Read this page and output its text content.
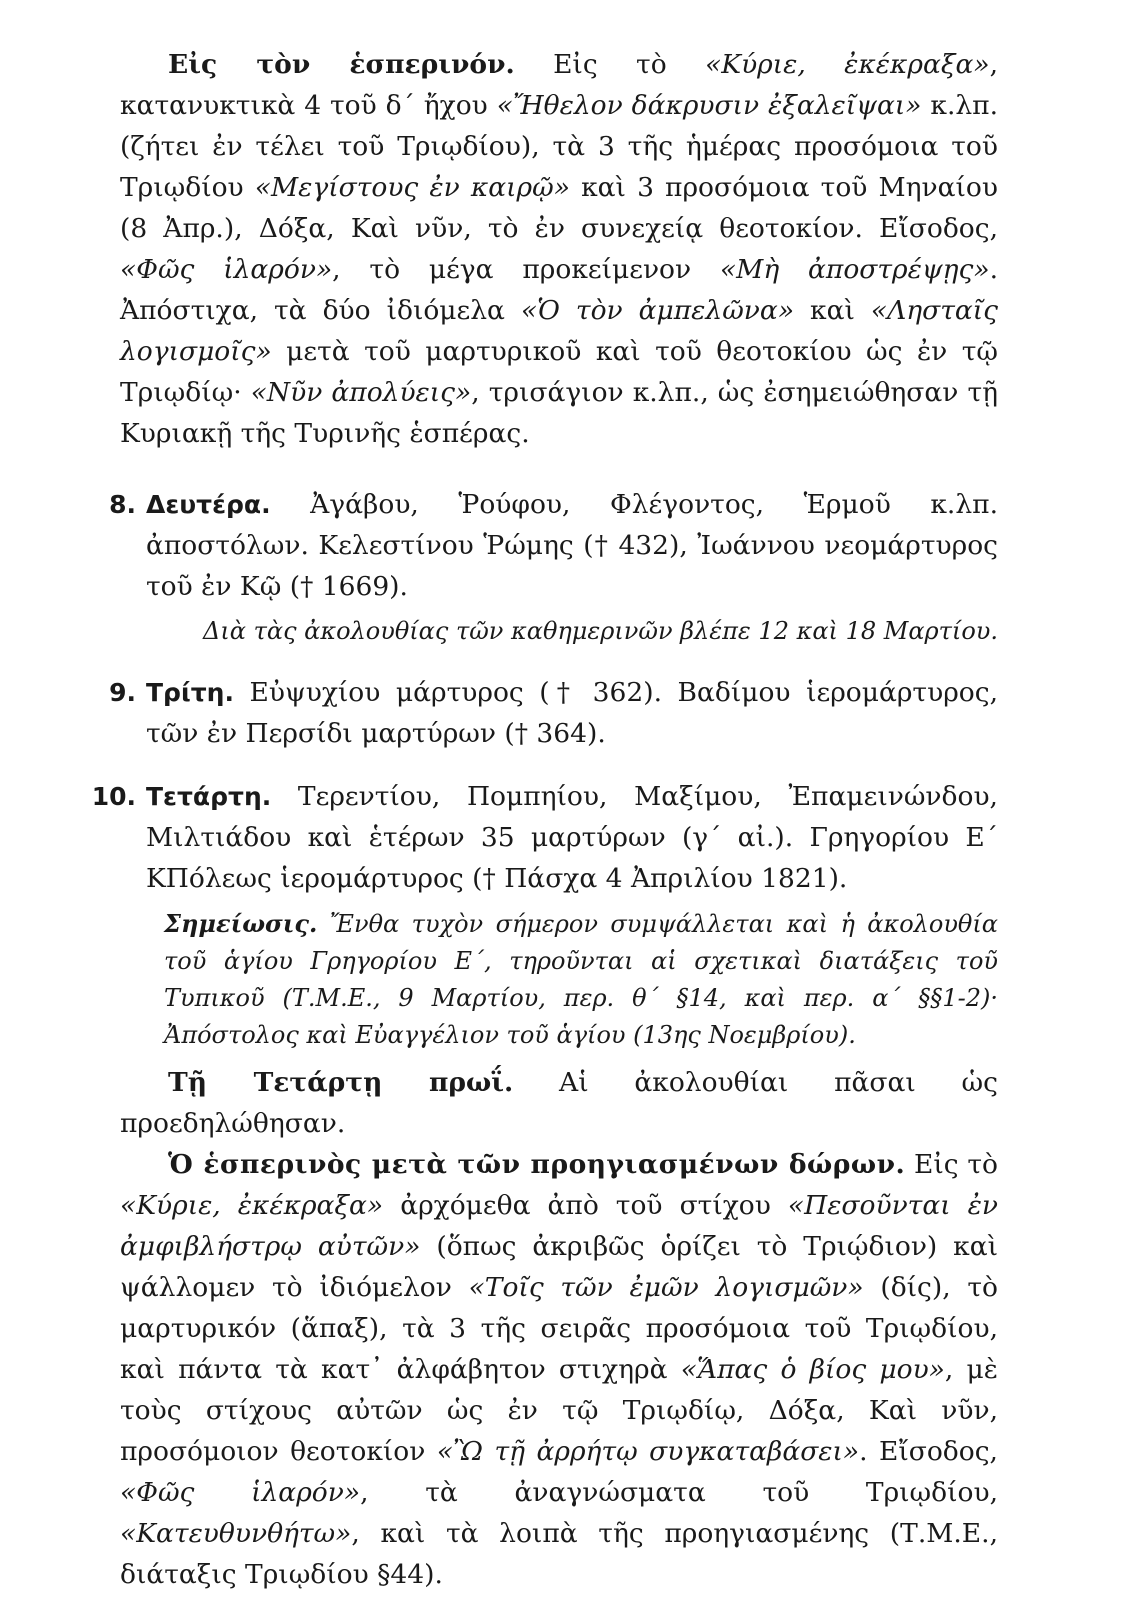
Εἰς τὸν ἑσπερινόν. Εἰς τὸ «Κύριε, ἐκέκραξα», κατανυκτικὰ 4 τοῦ δ΄ ἤχου «Ἤθελον δάκρυσιν ἐξαλεῖψαι» κ.λπ. (ζήτει ἐν τέλει τοῦ Τριῳδίου), τὰ 3 τῆς ἡμέρας προσόμοια τοῦ Τριῳδίου «Μεγίστους ἐν καιρῷ» καὶ 3 προσόμοια τοῦ Μηναίου (8 Ἀπρ.), Δόξα, Καὶ νῦν, τὸ ἐν συνεχείᾳ θεοτοκίον. Εἴσοδος, «Φῶς ἱλαρόν», τὸ μέγα προκείμενον «Μὴ ἀποστρέψῃς». Ἀπόστιχα, τὰ δύο ἰδιόμελα «Ὁ τὸν ἀμπελῶνα» καὶ «Λησταῖς λογισμοῖς» μετὰ τοῦ μαρτυρικοῦ καὶ τοῦ θεοτοκίου ὡς ἐν τῷ Τριῳδίῳ· «Νῦν ἀπολύεις», τρισάγιον κ.λπ., ὡς ἐσημειώθησαν τῇ Κυριακῇ τῆς Τυρινῆς ἑσπέρας.

8. Δευτέρα. Ἀγάβου, Ῥούφου, Φλέγοντος, Ἑρμοῦ κ.λπ. ἀποστόλων. Κελεστίνου Ῥώμης († 432), Ἰωάννου νεομάρτυρος τοῦ ἐν Κῷ († 1669).
Διὰ τὰς ἀκολουθίας τῶν καθημερινῶν βλέπε 12 καὶ 18 Μαρτίου.
9. Τρίτη. Εὐψυχίου μάρτυρος († 362). Βαδίμου ἱερομάρτυρος, τῶν ἐν Περσίδι μαρτύρων († 364).
10. Τετάρτη. Τερεντίου, Πομπηίου, Μαξίμου, Ἐπαμεινώνδου, Μιλτιάδου καὶ ἑτέρων 35 μαρτύρων (γ΄ αἰ.). Γρηγορίου Ε΄ ΚΠόλεως ἱερομάρτυρος († Πάσχα 4 Ἀπριλίου 1821).
Σημείωσις. Ἔνθα τυχὸν σήμερον συμψάλλεται καὶ ἡ ἀκολουθία τοῦ ἁγίου Γρηγορίου Ε΄, τηροῦνται αἱ σχετικαὶ διατάξεις τοῦ Τυπικοῦ (Τ.Μ.Ε., 9 Μαρτίου, περ. θ΄ §14, καὶ περ. α΄ §§1-2)· Ἀπόστολος καὶ Εὐαγγέλιον τοῦ ἁγίου (13ης Νοεμβρίου).

Τῇ Τετάρτῃ πρωΐ. Αἱ ἀκολουθίαι πᾶσαι ὡς προεδηλώθησαν.

Ὁ ἑσπερινὸς μετὰ τῶν προηγιασμένων δώρων. Εἰς τὸ «Κύριε, ἐκέκραξα» ἀρχόμεθα ἀπὸ τοῦ στίχου «Πεσοῦνται ἐν ἀμφιβλήστρῳ αὐτῶν» (ὅπως ἀκριβῶς ὁρίζει τὸ Τριῴδιον) καὶ ψάλλομεν τὸ ἰδιόμελον «Τοῖς τῶν ἐμῶν λογισμῶν» (δίς), τὸ μαρτυρικόν (ἅπαξ), τὰ 3 τῆς σειρᾶς προσόμοια τοῦ Τριῳδίου, καὶ πάντα τὰ κατ᾽ ἀλφάβητον στιχηρὰ «Ἅπας ὁ βίος μου», μὲ τοὺς στίχους αὐτῶν ὡς ἐν τῷ Τριῳδίῳ, Δόξα, Καὶ νῦν, προσόμοιον θεοτοκίον «Ὢ τῇ ἀρρήτῳ συγκαταβάσει». Εἴσοδος, «Φῶς ἱλαρόν», τὰ ἀναγνώσματα τοῦ Τριῳδίου, «Κατευθυνθήτω», καὶ τὰ λοιπὰ τῆς προηγιασμένης (Τ.Μ.Ε., διάταξις Τριῳδίου §44).
